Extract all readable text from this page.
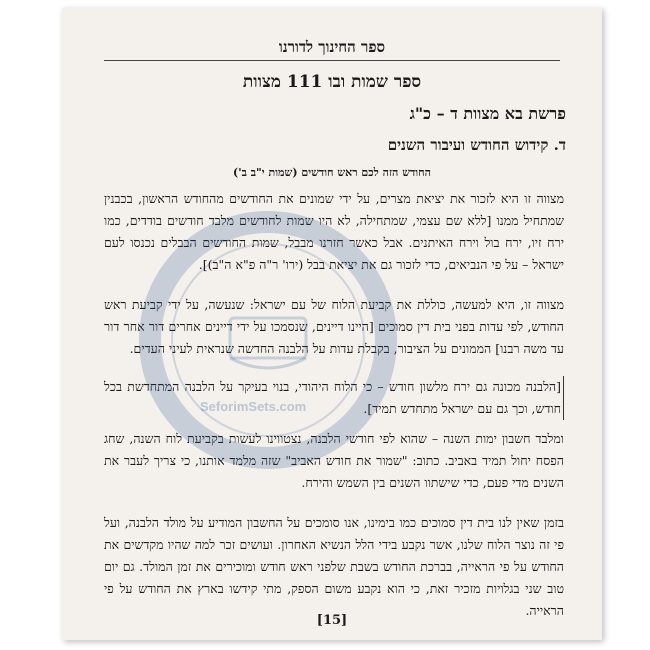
ספר החינוך לדורנו
ספר שמות ובו 111 מצוות
פרשת בא מצוות ד – כ"ג
ד. קידוש החודש ועיבור השנים
החודש הזה לכם ראש חודשים (שמות י"ב ב')
מצווה זו היא לזכור את יציאת מצרים, על ידי שמונים את החודשים מהחודש הראשון, בכבנין שמתחיל ממנו [ללא שם עצמי, שמתחילה, לא היו שמות לחודשים מלבד חודשים בודדים, כמו ירח זיו, ירח בול וירח האיתנים. אבל כאשר חזרנו מבבל, שמות החודשים הבבלים נכנסו לעם ישראל – על פי הנביאים, כדי לזכור גם את יציאת בבל (ירו' ר"ה פ"א ה"ב)].
מצווה זו, היא למעשה, כוללת את קביעת הלוח של עם ישראל: שנעשה, על ידי קביעת ראש החודש, לפי עדות בפני בית דין סמוכים [היינו דיינים, שנסמכו על ידי דיינים אחרים דור אחר דור עד משה רבנו] הממונים על הציבור, בקבלת עדות על הלבנה החדשה שנראית לעיני העדים.
[הלבנה מכונה גם ירח מלשון חודש – כי הלוח היהודי, בנוי בעיקר על הלבנה המתחדשת בכל חודש, וכך גם עם ישראל מתחדש תמיד].
ומלבד חשבון ימות השנה – שהוא לפי חודשי הלבנה, נצטווינו לעשות בקביעת לוח השנה, שחג הפסח יחול תמיד באביב. כתוב: "שמור את חודש האביב" שזה מלמד אותנו, כי צריך לעבר את השנים מדי פעם, כדי שישתוו השנים בין השמש והירח.
בזמן שאין לנו בית דין סמוכים כמו בימינו, אנו סומכים על החשבון המודיע על מולד הלבנה, ועל פי זה נוצר הלוח שלנו, אשר נקבע בידי הלל הנשיא האחרון. ועושים זכר למה שהיו מקדשים את החודש על פי הראייה, בברכת החודש בשבת שלפני ראש חודש ומוכירים את זמן המולד. גם יום טוב שני בגלויות מזכיר זאת, כי הוא נקבע משום הספק, מתי קידשו בארץ את החודש על פי הראייה.
[15]
SeforimSets.com
